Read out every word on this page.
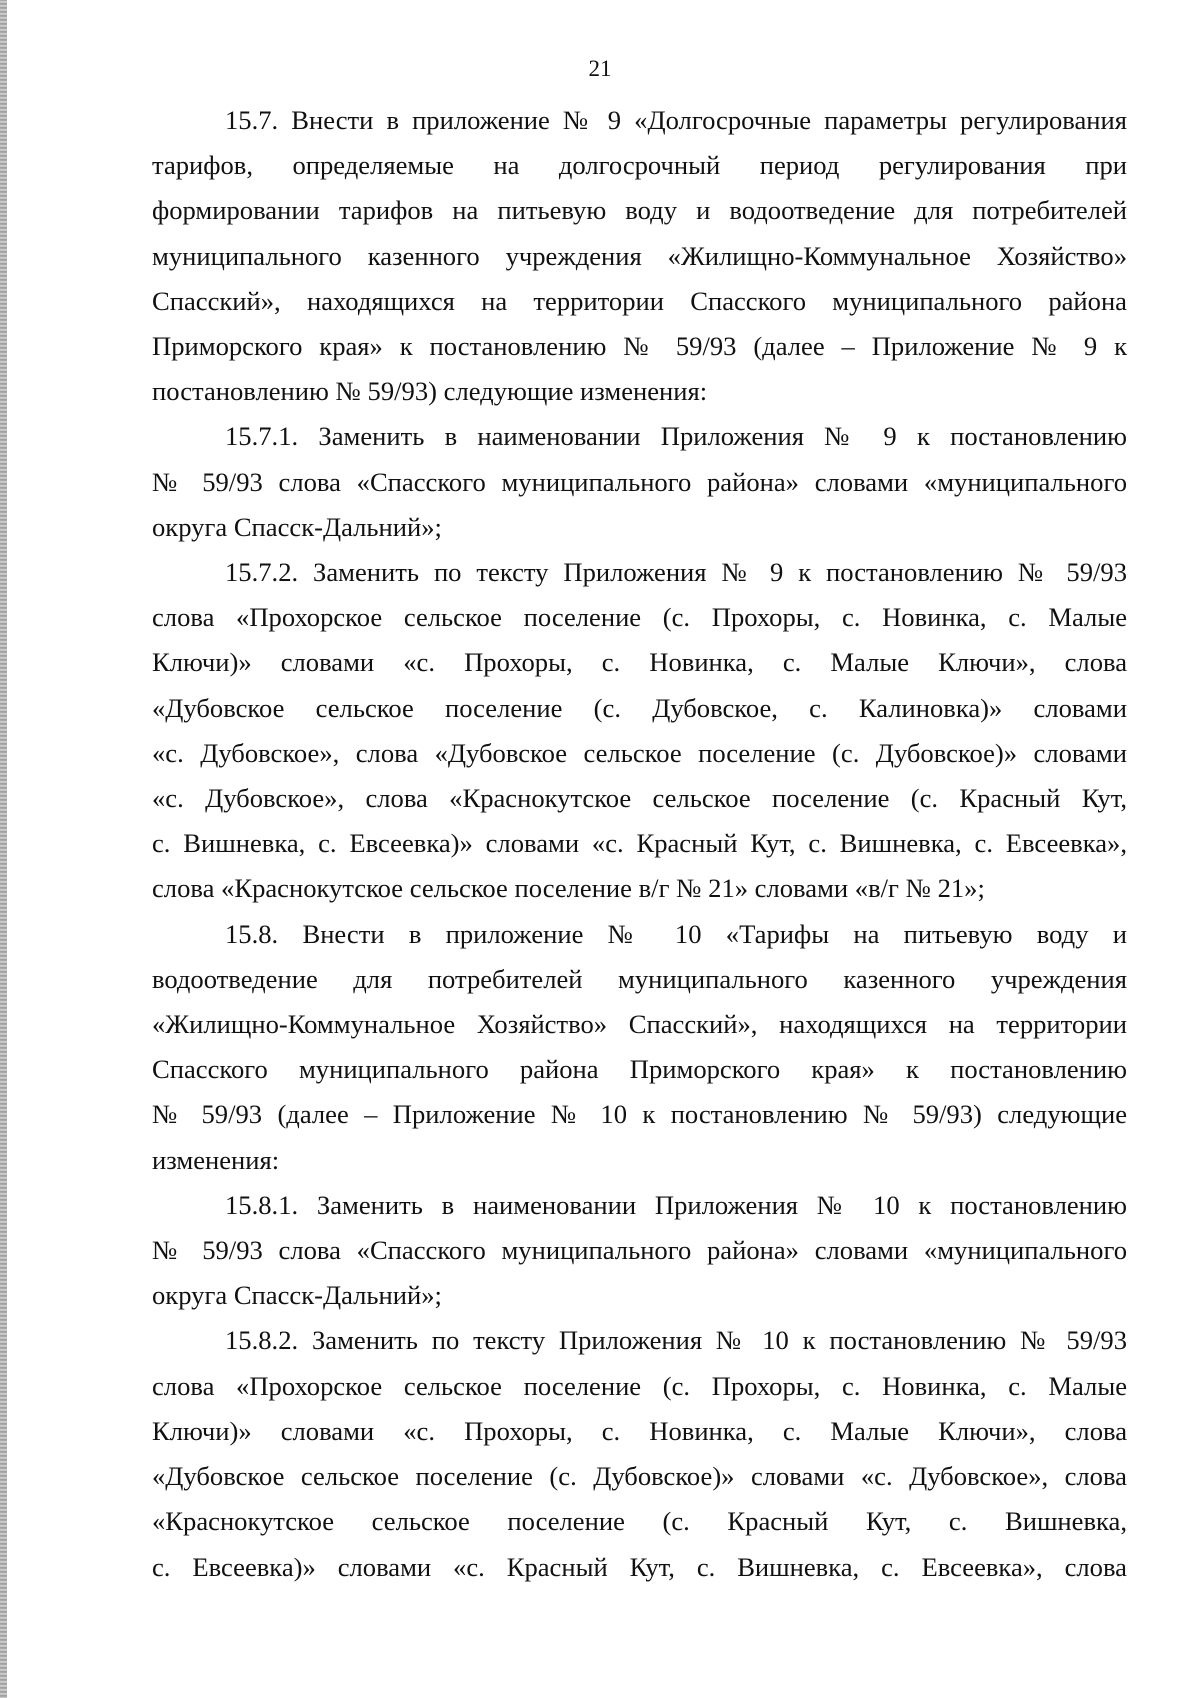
21
15.7. Внести в приложение № 9 «Долгосрочные параметры регулирования
тарифов, определяемые на долгосрочный период регулирования при
формировании тарифов на питьевую воду и водоотведение для потребителей
муниципального казенного учреждения «Жилищно-Коммунальное Хозяйство»
Спасский», находящихся на территории Спасского муниципального района
Приморского края» к постановлению № 59/93 (далее – Приложение № 9 к
постановлению № 59/93) следующие изменения:
15.7.1. Заменить в наименовании Приложения № 9 к постановлению
№ 59/93 слова «Спасского муниципального района» словами «муниципального
округа Спасск-Дальний»;
15.7.2. Заменить по тексту Приложения № 9 к постановлению № 59/93
слова «Прохорское сельское поселение (с. Прохоры, с. Новинка, с. Малые
Ключи)» словами «с. Прохоры, с. Новинка, с. Малые Ключи», слова
«Дубовское сельское поселение (с. Дубовское, с. Калиновка)» словами
«с. Дубовское», слова «Дубовское сельское поселение (с. Дубовское)» словами
«с. Дубовское», слова «Краснокутское сельское поселение (с. Красный Кут,
с. Вишневка, с. Евсеевка)» словами «с. Красный Кут, с. Вишневка, с. Евсеевка»,
слова «Краснокутское сельское поселение в/г № 21» словами «в/г № 21»;
15.8. Внести в приложение № 10 «Тарифы на питьевую воду и
водоотведение для потребителей муниципального казенного учреждения
«Жилищно-Коммунальное Хозяйство» Спасский», находящихся на территории
Спасского муниципального района Приморского края» к постановлению
№ 59/93 (далее – Приложение № 10 к постановлению № 59/93) следующие
изменения:
15.8.1. Заменить в наименовании Приложения № 10 к постановлению
№ 59/93 слова «Спасского муниципального района» словами «муниципального
округа Спасск-Дальний»;
15.8.2. Заменить по тексту Приложения № 10 к постановлению № 59/93
слова «Прохорское сельское поселение (с. Прохоры, с. Новинка, с. Малые
Ключи)» словами «с. Прохоры, с. Новинка, с. Малые Ключи», слова
«Дубовское сельское поселение (с. Дубовское)» словами «с. Дубовское», слова
«Краснокутское сельское поселение (с. Красный Кут, с. Вишневка,
с. Евсеевка)» словами «с. Красный Кут, с. Вишневка, с. Евсеевка», слова
